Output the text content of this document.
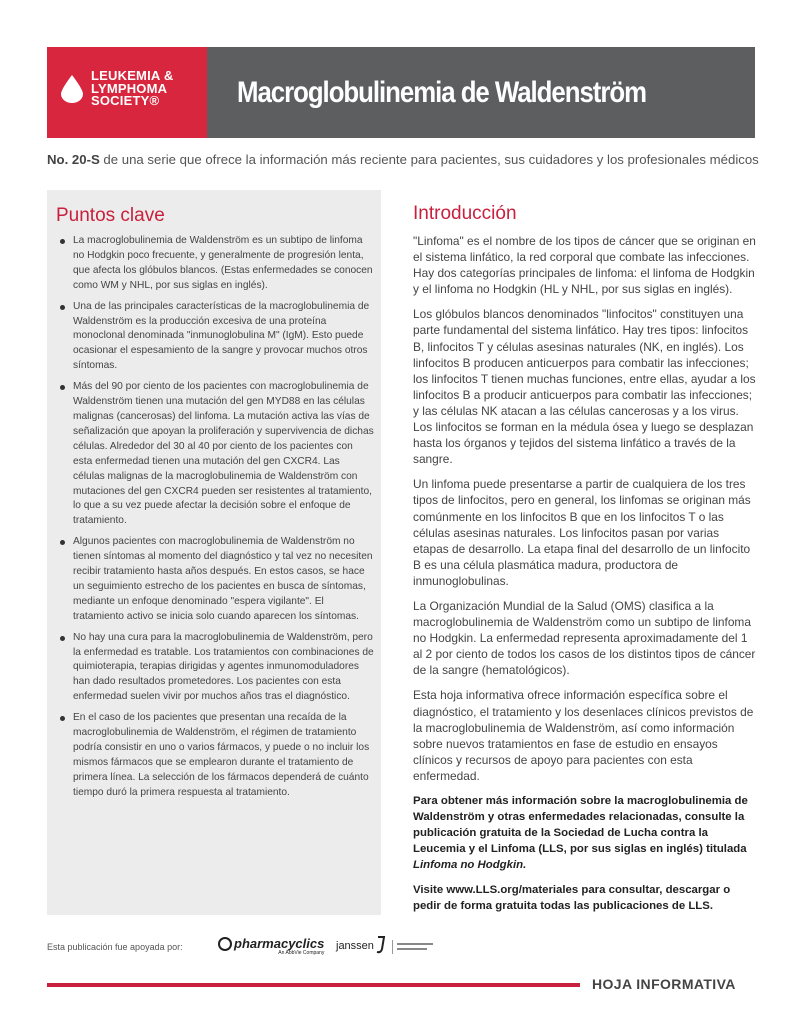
LEUKEMIA &
LYMPHOMA
SOCIETY®	Macroglobulinemia de Waldenström
No. 20-S de una serie que ofrece la información más reciente para pacientes, sus cuidadores y los profesionales médicos
Puntos clave
La macroglobulinemia de Waldenström es un subtipo de linfoma no Hodgkin poco frecuente, y generalmente de progresión lenta, que afecta los glóbulos blancos. (Estas enfermedades se conocen como WM y NHL, por sus siglas en inglés).
Una de las principales características de la macroglobulinemia de Waldenström es la producción excesiva de una proteína monoclonal denominada "inmunoglobulina M" (IgM). Esto puede ocasionar el espesamiento de la sangre y provocar muchos otros síntomas.
Más del 90 por ciento de los pacientes con macroglobulinemia de Waldenström tienen una mutación del gen MYD88 en las células malignas (cancerosas) del linfoma. La mutación activa las vías de señalización que apoyan la proliferación y supervivencia de dichas células. Alrededor del 30 al 40 por ciento de los pacientes con esta enfermedad tienen una mutación del gen CXCR4. Las células malignas de la macroglobulinemia de Waldenström con mutaciones del gen CXCR4 pueden ser resistentes al tratamiento, lo que a su vez puede afectar la decisión sobre el enfoque de tratamiento.
Algunos pacientes con macroglobulinemia de Waldenström no tienen síntomas al momento del diagnóstico y tal vez no necesiten recibir tratamiento hasta años después. En estos casos, se hace un seguimiento estrecho de los pacientes en busca de síntomas, mediante un enfoque denominado "espera vigilante". El tratamiento activo se inicia solo cuando aparecen los síntomas.
No hay una cura para la macroglobulinemia de Waldenström, pero la enfermedad es tratable. Los tratamientos con combinaciones de quimioterapia, terapias dirigidas y agentes inmunomoduladores han dado resultados prometedores. Los pacientes con esta enfermedad suelen vivir por muchos años tras el diagnóstico.
En el caso de los pacientes que presentan una recaída de la macroglobulinemia de Waldenström, el régimen de tratamiento podría consistir en uno o varios fármacos, y puede o no incluir los mismos fármacos que se emplearon durante el tratamiento de primera línea. La selección de los fármacos dependerá de cuánto tiempo duró la primera respuesta al tratamiento.
Introducción

"Linfoma" es el nombre de los tipos de cáncer que se originan en el sistema linfático, la red corporal que combate las infecciones. Hay dos categorías principales de linfoma: el linfoma de Hodgkin y el linfoma no Hodgkin (HL y NHL, por sus siglas en inglés).

Los glóbulos blancos denominados "linfocitos" constituyen una parte fundamental del sistema linfático. Hay tres tipos: linfocitos B, linfocitos T y células asesinas naturales (NK, en inglés). Los linfocitos B producen anticuerpos para combatir las infecciones; los linfocitos T tienen muchas funciones, entre ellas, ayudar a los linfocitos B a producir anticuerpos para combatir las infecciones; y las células NK atacan a las células cancerosas y a los virus. Los linfocitos se forman en la médula ósea y luego se desplazan hasta los órganos y tejidos del sistema linfático a través de la sangre.

Un linfoma puede presentarse a partir de cualquiera de los tres tipos de linfocitos, pero en general, los linfomas se originan más comúnmente en los linfocitos B que en los linfocitos T o las células asesinas naturales. Los linfocitos pasan por varias etapas de desarrollo. La etapa final del desarrollo de un linfocito B es una célula plasmática madura, productora de inmunoglobulinas.

La Organización Mundial de la Salud (OMS) clasifica a la macroglobulinemia de Waldenström como un subtipo de linfoma no Hodgkin. La enfermedad representa aproximadamente del 1 al 2 por ciento de todos los casos de los distintos tipos de cáncer de la sangre (hematológicos).

Esta hoja informativa ofrece información específica sobre el diagnóstico, el tratamiento y los desenlaces clínicos previstos de la macroglobulinemia de Waldenström, así como información sobre nuevos tratamientos en fase de estudio en ensayos clínicos y recursos de apoyo para pacientes con esta enfermedad.

Para obtener más información sobre la macroglobulinemia de Waldenström y otras enfermedades relacionadas, consulte la publicación gratuita de la Sociedad de Lucha contra la Leucemia y el Linfoma (LLS, por sus siglas en inglés) titulada Linfoma no Hodgkin.

Visite www.LLS.org/materiales para consultar, descargar o pedir de forma gratuita todas las publicaciones de LLS.

Esta publicación fue apoyada por:	pharmacyclics
An AbbVie Company
janssen
HOJA INFORMATIVA
